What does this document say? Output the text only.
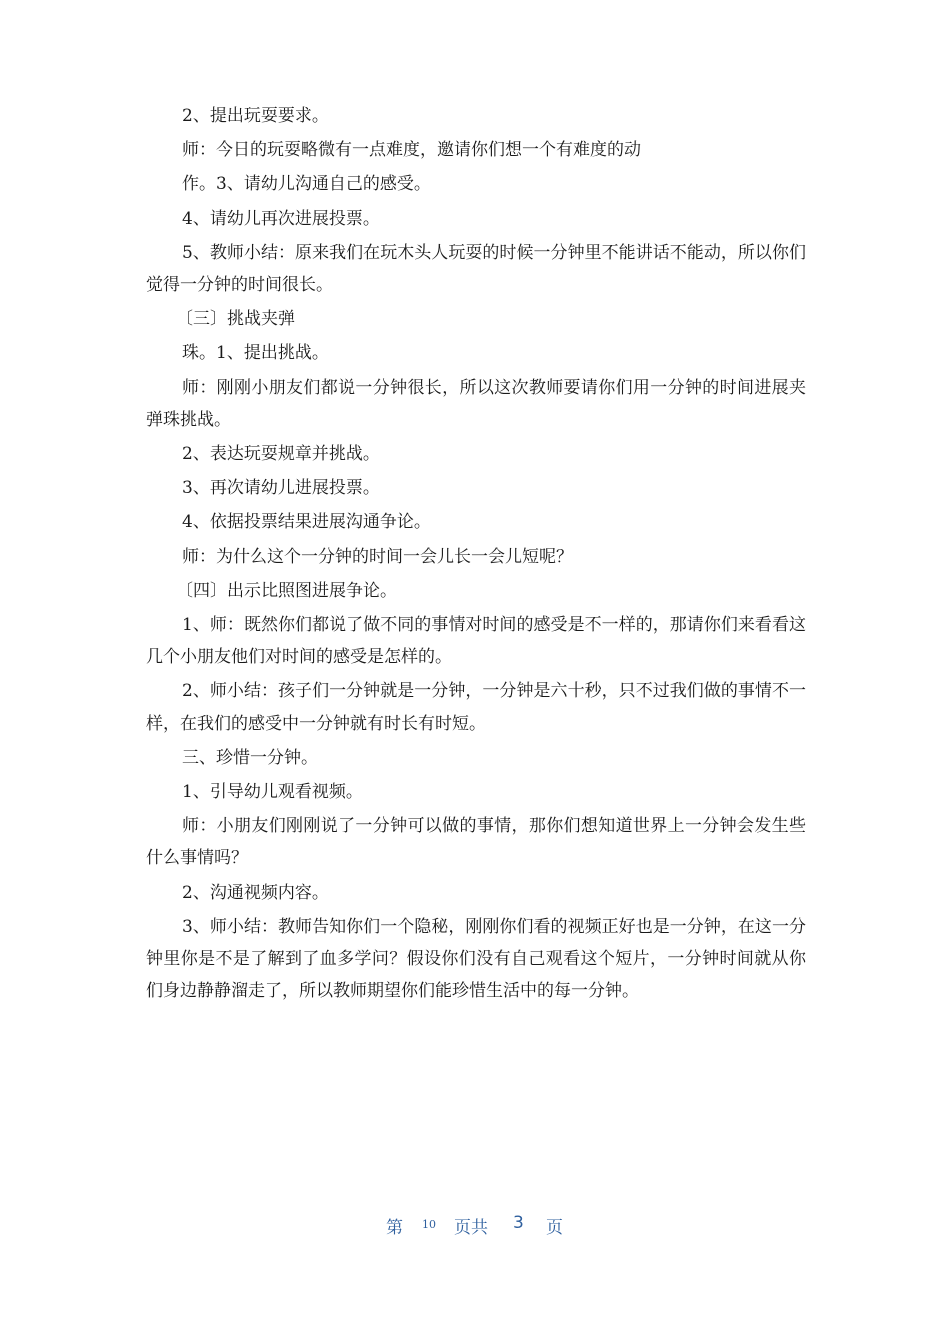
2、提出玩耍要求。

师：今日的玩耍略微有一点难度，邀请你们想一个有难度的动

作。3、请幼儿沟通自己的感受。

4、请幼儿再次进展投票。

5、教师小结：原来我们在玩木头人玩耍的时候一分钟里不能讲话不能动，所以你们觉得一分钟的时间很长。

〔三〕挑战夹弹

珠。1、提出挑战。

师：刚刚小朋友们都说一分钟很长，所以这次教师要请你们用一分钟的时间进展夹弹珠挑战。

2、表达玩耍规章并挑战。

3、再次请幼儿进展投票。

4、依据投票结果进展沟通争论。

师：为什么这个一分钟的时间一会儿长一会儿短呢？

〔四〕出示比照图进展争论。

1、师：既然你们都说了做不同的事情对时间的感受是不一样的，那请你们来看看这几个小朋友他们对时间的感受是怎样的。

2、师小结：孩子们一分钟就是一分钟，一分钟是六十秒，只不过我们做的事情不一样，在我们的感受中一分钟就有时长有时短。

三、珍惜一分钟。

1、引导幼儿观看视频。

师：小朋友们刚刚说了一分钟可以做的事情，那你们想知道世界上一分钟会发生些什么事情吗？

2、沟通视频内容。

3、师小结：教师告知你们一个隐秘，刚刚你们看的视频正好也是一分钟，在这一分钟里你是不是了解到了血多学问？假设你们没有自己观看这个短片，一分钟时间就从你们身边静静溜走了，所以教师期望你们能珍惜生活中的每一分钟。

第 10 页共 3 页
